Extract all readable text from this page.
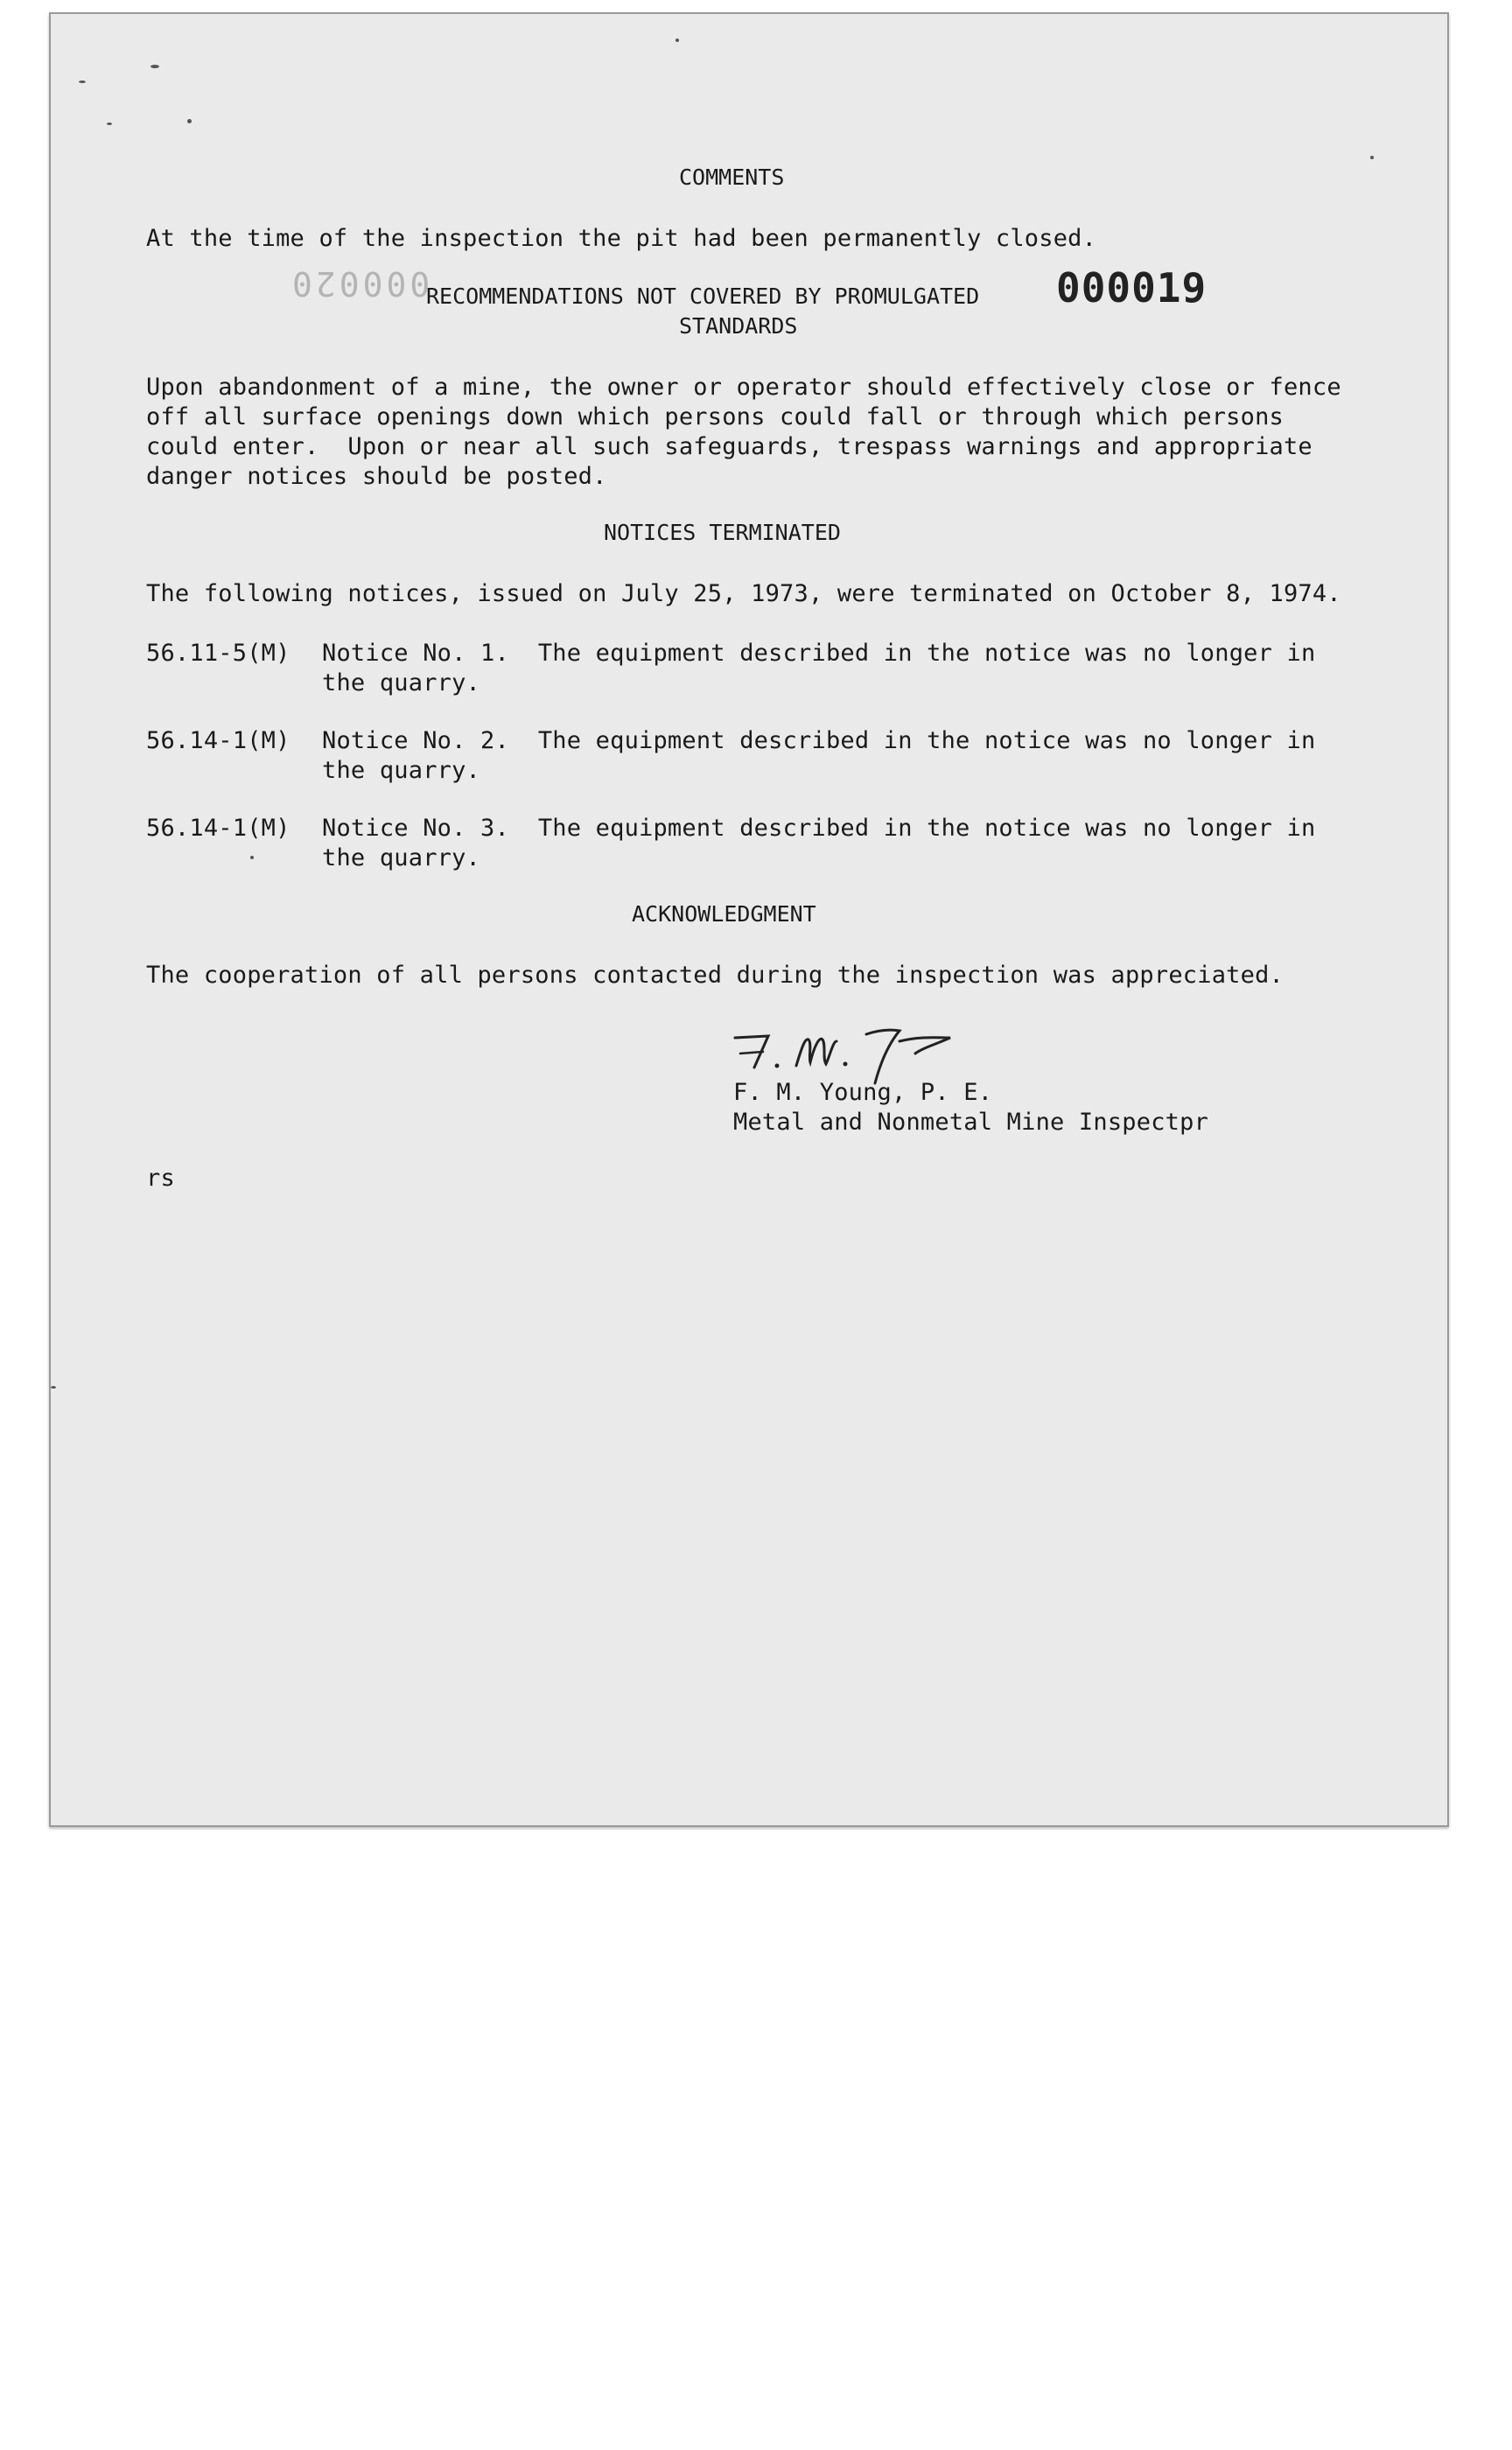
COMMENTS
At the time of the inspection the pit had been permanently closed.
000020	000019
RECOMMENDATIONS NOT COVERED BY PROMULGATED
STANDARDS
Upon abandonment of a mine, the owner or operator should effectively close or fence
off all surface openings down which persons could fall or through which persons
could enter.  Upon or near all such safeguards, trespass warnings and appropriate
danger notices should be posted.
NOTICES TERMINATED
The following notices, issued on July 25, 1973, were terminated on October 8, 1974.
56.11-5(M) Notice No. 1.  The equipment described in the notice was no longer in
the quarry.
56.14-1(M) Notice No. 2.  The equipment described in the notice was no longer in
the quarry.
56.14-1(M) Notice No. 3.  The equipment described in the notice was no longer in
the quarry.
ACKNOWLEDGMENT
The cooperation of all persons contacted during the inspection was appreciated.
F. M. Young, P. E.
Metal and Nonmetal Mine Inspectpr
rs
